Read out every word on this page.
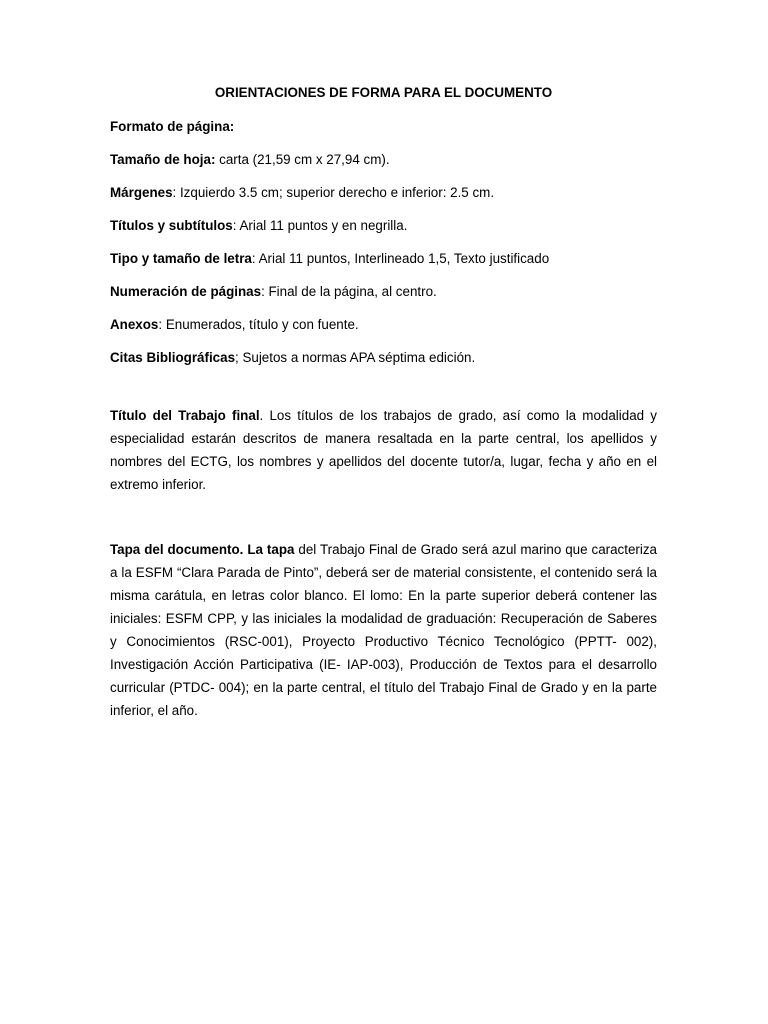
ORIENTACIONES DE FORMA PARA EL DOCUMENTO

Formato de página:

Tamaño de hoja: carta (21,59 cm x 27,94 cm).

Márgenes: Izquierdo 3.5 cm; superior derecho e inferior: 2.5 cm.

Títulos y subtítulos: Arial 11 puntos y en negrilla.

Tipo y tamaño de letra: Arial 11 puntos, Interlineado 1,5, Texto justificado

Numeración de páginas: Final de la página, al centro.

Anexos: Enumerados, título y con fuente.

Citas Bibliográficas; Sujetos a normas APA séptima edición.

Título del Trabajo final. Los títulos de los trabajos de grado, así como la modalidad y especialidad estarán descritos de manera resaltada en la parte central, los apellidos y nombres del ECTG, los nombres y apellidos del docente tutor/a, lugar, fecha y año en el extremo inferior.

Tapa del documento. La tapa del Trabajo Final de Grado será azul marino que caracteriza a la ESFM “Clara Parada de Pinto”, deberá ser de material consistente, el contenido será la misma carátula, en letras color blanco. El lomo: En la parte superior deberá contener las iniciales: ESFM CPP, y las iniciales la modalidad de graduación: Recuperación de Saberes y Conocimientos (RSC-001), Proyecto Productivo Técnico Tecnológico (PPTT- 002), Investigación Acción Participativa (IE- IAP-003), Producción de Textos para el desarrollo curricular (PTDC- 004); en la parte central, el título del Trabajo Final de Grado y en la parte inferior, el año.
